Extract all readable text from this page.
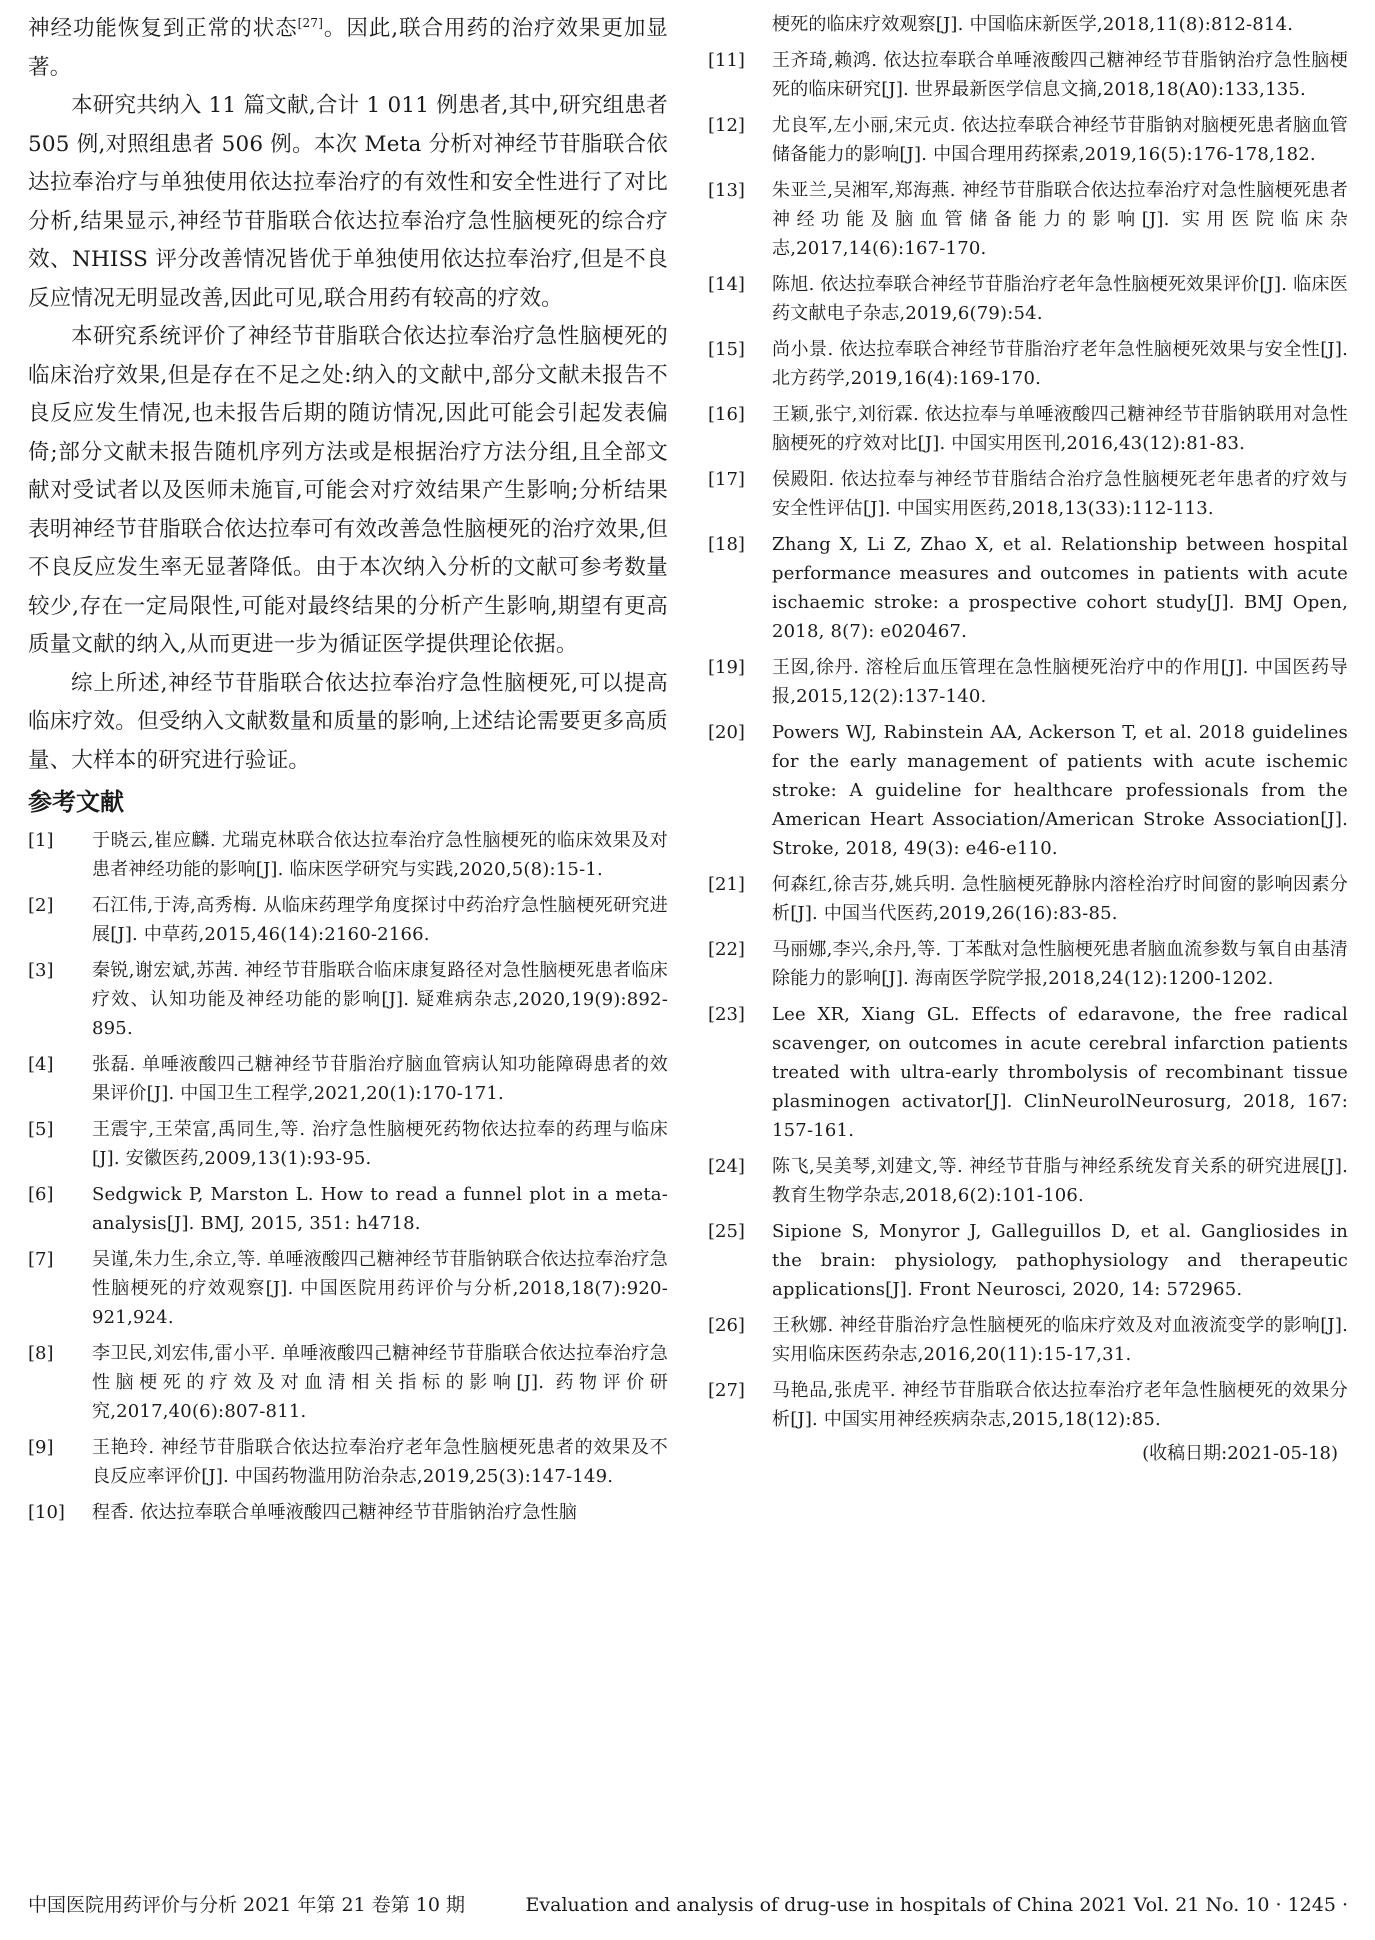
神经功能恢复到正常的状态[27]。因此,联合用药的治疗效果更加显著。

本研究共纳入 11 篇文献,合计 1 011 例患者,其中,研究组患者 505 例,对照组患者 506 例。本次 Meta 分析对神经节苷脂联合依达拉奉治疗与单独使用依达拉奉治疗的有效性和安全性进行了对比分析,结果显示,神经节苷脂联合依达拉奉治疗急性脑梗死的综合疗效、NHISS 评分改善情况皆优于单独使用依达拉奉治疗,但是不良反应情况无明显改善,因此可见,联合用药有较高的疗效。

本研究系统评价了神经节苷脂联合依达拉奉治疗急性脑梗死的临床治疗效果,但是存在不足之处:纳入的文献中,部分文献未报告不良反应发生情况,也未报告后期的随访情况,因此可能会引起发表偏倚;部分文献未报告随机序列方法或是根据治疗方法分组,且全部文献对受试者以及医师未施盲,可能会对疗效结果产生影响;分析结果表明神经节苷脂联合依达拉奉可有效改善急性脑梗死的治疗效果,但不良反应发生率无显著降低。由于本次纳入分析的文献可参考数量较少,存在一定局限性,可能对最终结果的分析产生影响,期望有更高质量文献的纳入,从而更进一步为循证医学提供理论依据。

综上所述,神经节苷脂联合依达拉奉治疗急性脑梗死,可以提高临床疗效。但受纳入文献数量和质量的影响,上述结论需要更多高质量、大样本的研究进行验证。

参考文献
[1]	于晓云,崔应麟. 尤瑞克林联合依达拉奉治疗急性脑梗死的临床效果及对患者神经功能的影响[J]. 临床医学研究与实践,2020,5(8):15-1.
[2]	石江伟,于涛,高秀梅. 从临床药理学角度探讨中药治疗急性脑梗死研究进展[J]. 中草药,2015,46(14):2160-2166.
[3]	秦锐,谢宏斌,苏茜. 神经节苷脂联合临床康复路径对急性脑梗死患者临床疗效、认知功能及神经功能的影响[J]. 疑难病杂志,2020,19(9):892-895.
[4]	张磊. 单唾液酸四己糖神经节苷脂治疗脑血管病认知功能障碍患者的效果评价[J]. 中国卫生工程学,2021,20(1):170-171.
[5]	王震宇,王荣富,禹同生,等. 治疗急性脑梗死药物依达拉奉的药理与临床[J]. 安徽医药,2009,13(1):93-95.
[6]	Sedgwick P, Marston L. How to read a funnel plot in a meta-analysis[J]. BMJ, 2015, 351: h4718.
[7]	吴谨,朱力生,余立,等. 单唾液酸四己糖神经节苷脂钠联合依达拉奉治疗急性脑梗死的疗效观察[J]. 中国医院用药评价与分析,2018,18(7):920-921,924.
[8]	李卫民,刘宏伟,雷小平. 单唾液酸四己糖神经节苷脂联合依达拉奉治疗急性脑梗死的疗效及对血清相关指标的影响[J]. 药物评价研究,2017,40(6):807-811.
[9]	王艳玲. 神经节苷脂联合依达拉奉治疗老年急性脑梗死患者的效果及不良反应率评价[J]. 中国药物滥用防治杂志,2019,25(3):147-149.
[10]	程香. 依达拉奉联合单唾液酸四己糖神经节苷脂钠治疗急性脑
梗死的临床疗效观察[J]. 中国临床新医学,2018,11(8):812-814.
[11]	王齐琦,赖鸿. 依达拉奉联合单唾液酸四己糖神经节苷脂钠治疗急性脑梗死的临床研究[J]. 世界最新医学信息文摘,2018,18(A0):133,135.
[12]	尤良军,左小丽,宋元贞. 依达拉奉联合神经节苷脂钠对脑梗死患者脑血管储备能力的影响[J]. 中国合理用药探索,2019,16(5):176-178,182.
[13]	朱亚兰,吴湘军,郑海燕. 神经节苷脂联合依达拉奉治疗对急性脑梗死患者神经功能及脑血管储备能力的影响[J]. 实用医院临床杂志,2017,14(6):167-170.
[14]	陈旭. 依达拉奉联合神经节苷脂治疗老年急性脑梗死效果评价[J]. 临床医药文献电子杂志,2019,6(79):54.
[15]	尚小景. 依达拉奉联合神经节苷脂治疗老年急性脑梗死效果与安全性[J]. 北方药学,2019,16(4):169-170.
[16]	王颖,张宁,刘衍霖. 依达拉奉与单唾液酸四己糖神经节苷脂钠联用对急性脑梗死的疗效对比[J]. 中国实用医刊,2016,43(12):81-83.
[17]	侯殿阳. 依达拉奉与神经节苷脂结合治疗急性脑梗死老年患者的疗效与安全性评估[J]. 中国实用医药,2018,13(33):112-113.
[18]	Zhang X, Li Z, Zhao X, et al. Relationship between hospital performance measures and outcomes in patients with acute ischaemic stroke: a prospective cohort study[J]. BMJ Open, 2018, 8(7): e020467.
[19]	王囡,徐丹. 溶栓后血压管理在急性脑梗死治疗中的作用[J]. 中国医药导报,2015,12(2):137-140.
[20]	Powers WJ, Rabinstein AA, Ackerson T, et al. 2018 guidelines for the early management of patients with acute ischemic stroke: A guideline for healthcare professionals from the American Heart Association/American Stroke Association[J]. Stroke, 2018, 49(3): e46-e110.
[21]	何森红,徐吉芬,姚兵明. 急性脑梗死静脉内溶栓治疗时间窗的影响因素分析[J]. 中国当代医药,2019,26(16):83-85.
[22]	马丽娜,李兴,余丹,等. 丁苯酞对急性脑梗死患者脑血流参数与氧自由基清除能力的影响[J]. 海南医学院学报,2018,24(12):1200-1202.
[23]	Lee XR, Xiang GL. Effects of edaravone, the free radical scavenger, on outcomes in acute cerebral infarction patients treated with ultra-early thrombolysis of recombinant tissue plasminogen activator[J]. ClinNeurolNeurosurg, 2018, 167: 157-161.
[24]	陈飞,吴美琴,刘建文,等. 神经节苷脂与神经系统发育关系的研究进展[J]. 教育生物学杂志,2018,6(2):101-106.
[25]	Sipione S, Monyror J, Galleguillos D, et al. Gangliosides in the brain: physiology, pathophysiology and therapeutic applications[J]. Front Neurosci, 2020, 14: 572965.
[26]	王秋娜. 神经苷脂治疗急性脑梗死的临床疗效及对血液流变学的影响[J]. 实用临床医药杂志,2016,20(11):15-17,31.
[27]	马艳品,张虎平. 神经节苷脂联合依达拉奉治疗老年急性脑梗死的效果分析[J]. 中国实用神经疾病杂志,2015,18(12):85.
(收稿日期:2021-05-18)
中国医院用药评价与分析 2021 年第 21 卷第 10 期	Evaluation and analysis of drug-use in hospitals of China 2021 Vol. 21 No. 10 · 1245 ·
